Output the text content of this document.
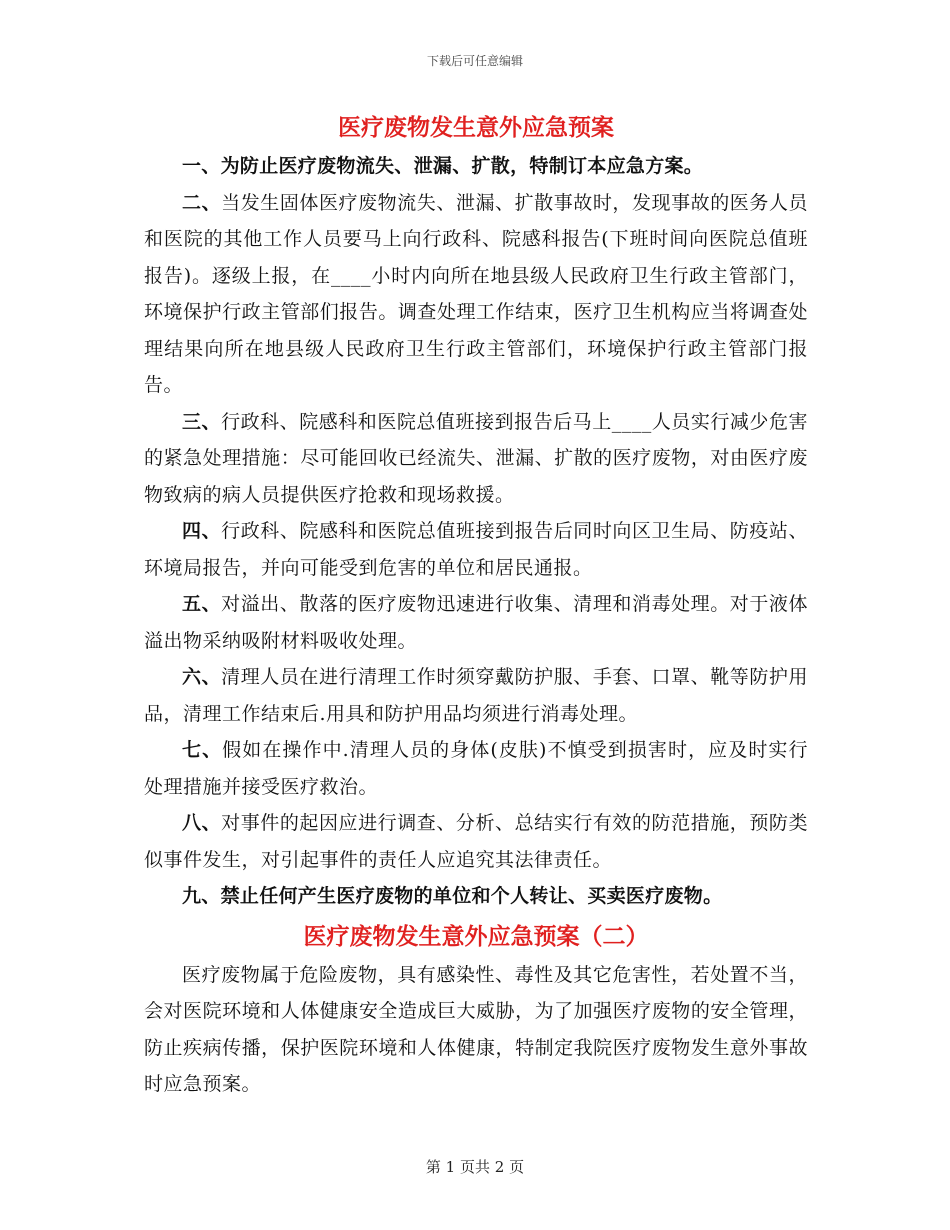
下载后可任意编辑
医疗废物发生意外应急预案

一、为防止医疗废物流失、泄漏、扩散，特制订本应急方案。

二、当发生固体医疗废物流失、泄漏、扩散事故时，发现事故的医务人员和医院的其他工作人员要马上向行政科、院感科报告(下班时间向医院总值班报告)。逐级上报，在____小时内向所在地县级人民政府卫生行政主管部门，环境保护行政主管部们报告。调查处理工作结束，医疗卫生机构应当将调查处理结果向所在地县级人民政府卫生行政主管部们，环境保护行政主管部门报告。

三、行政科、院感科和医院总值班接到报告后马上____人员实行减少危害的紧急处理措施：尽可能回收已经流失、泄漏、扩散的医疗废物，对由医疗废物致病的病人员提供医疗抢救和现场救援。

四、行政科、院感科和医院总值班接到报告后同时向区卫生局、防疫站、环境局报告，并向可能受到危害的单位和居民通报。

五、对溢出、散落的医疗废物迅速进行收集、清理和消毒处理。对于液体溢出物采纳吸附材料吸收处理。

六、清理人员在进行清理工作时须穿戴防护服、手套、口罩、靴等防护用品，清理工作结束后.用具和防护用品均须进行消毒处理。

七、假如在操作中.清理人员的身体(皮肤)不慎受到损害时，应及时实行处理措施并接受医疗救治。

八、对事件的起因应进行调查、分析、总结实行有效的防范措施，预防类似事件发生，对引起事件的责任人应追究其法律责任。

九、禁止任何产生医疗废物的单位和个人转让、买卖医疗废物。

医疗废物发生意外应急预案（二）

医疗废物属于危险废物，具有感染性、毒性及其它危害性，若处置不当，会对医院环境和人体健康安全造成巨大威胁，为了加强医疗废物的安全管理，防止疾病传播，保护医院环境和人体健康，特制定我院医疗废物发生意外事故时应急预案。

第 1 页共 2 页
